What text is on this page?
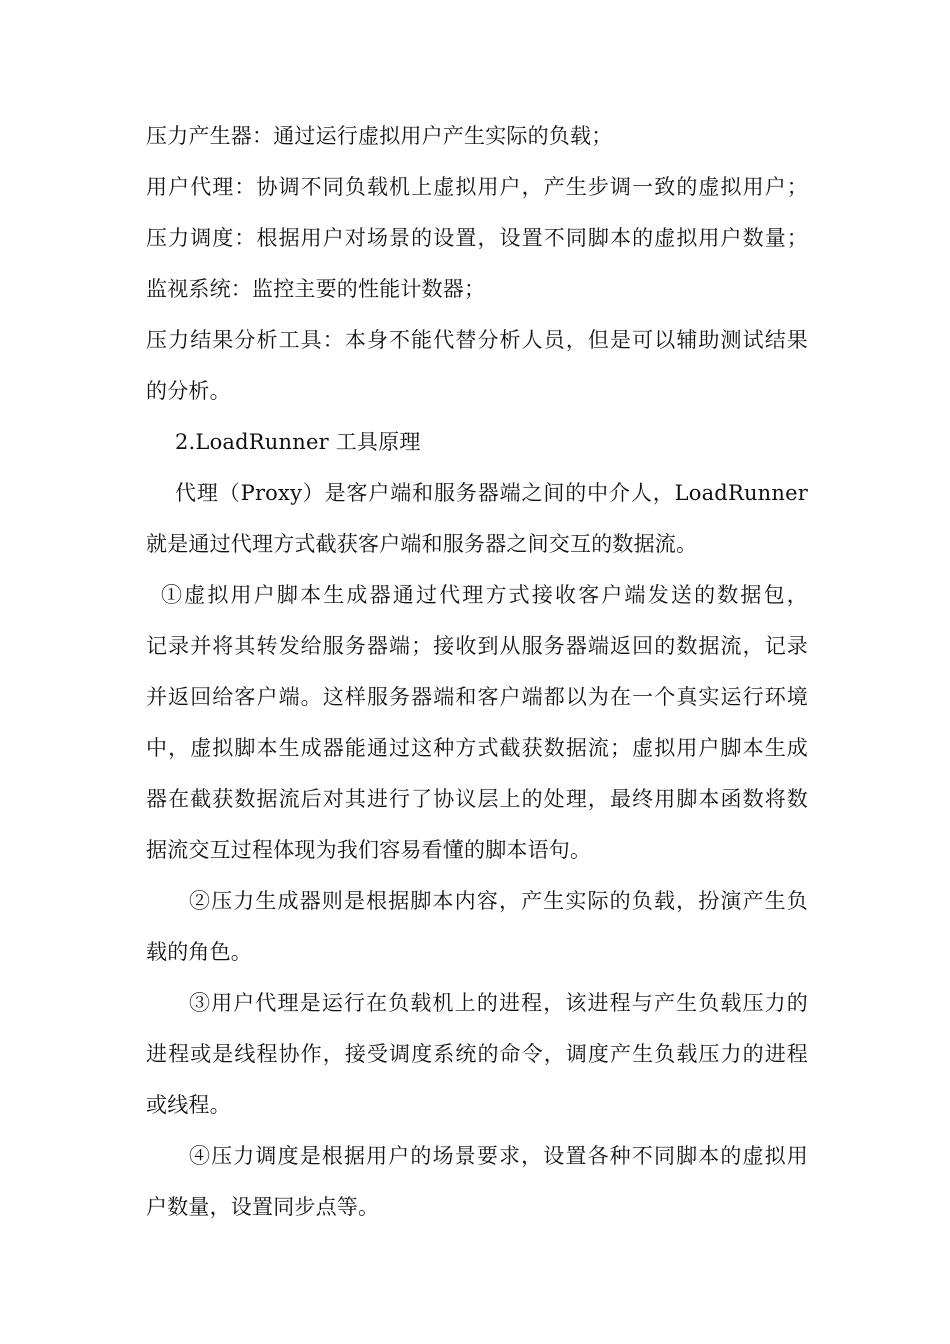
压力产生器：通过运行虚拟用户产生实际的负载；
用户代理：协调不同负载机上虚拟用户，产生步调一致的虚拟用户；
压力调度：根据用户对场景的设置，设置不同脚本的虚拟用户数量；
监视系统：监控主要的性能计数器；
压力结果分析工具：本身不能代替分析人员，但是可以辅助测试结果
的分析。
2.LoadRunner 工具原理
代理（Proxy）是客户端和服务器端之间的中介人，LoadRunner
就是通过代理方式截获客户端和服务器之间交互的数据流。
①虚拟用户脚本生成器通过代理方式接收客户端发送的数据包，
记录并将其转发给服务器端；接收到从服务器端返回的数据流，记录
并返回给客户端。这样服务器端和客户端都以为在一个真实运行环境
中，虚拟脚本生成器能通过这种方式截获数据流；虚拟用户脚本生成
器在截获数据流后对其进行了协议层上的处理，最终用脚本函数将数
据流交互过程体现为我们容易看懂的脚本语句。
②压力生成器则是根据脚本内容，产生实际的负载，扮演产生负
载的角色。
③用户代理是运行在负载机上的进程，该进程与产生负载压力的
进程或是线程协作，接受调度系统的命令，调度产生负载压力的进程
或线程。
④压力调度是根据用户的场景要求，设置各种不同脚本的虚拟用
户数量，设置同步点等。
